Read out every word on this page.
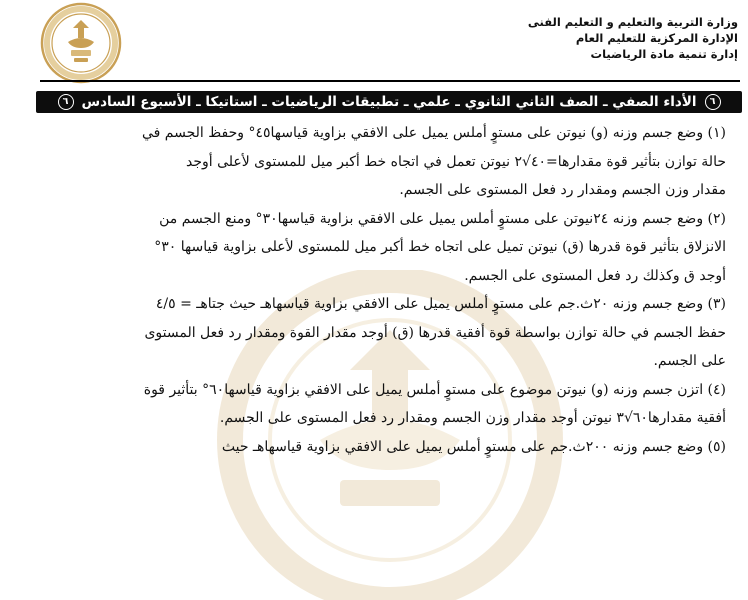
وزارة التربية والتعليم و التعليم الفنى
الإدارة المركزية للتعليم العام
إدارة تنمية مادة الرياضيات
٦
الأداء الصفي ـ الصف الثاني الثانوي ـ علمي ـ تطبيقات الرياضيات ـ استاتيكا ـ الأسبوع السادس
٦

(١) وضع جسم وزنه (و) نيوتن على مستوٍ أملس يميل على الافقي بزاوية قياسها٤٥° وحفظ الجسم في

حالة توازن بتأثير قوة مقدارها=٤٠√٢ نيوتن تعمل في اتجاه خط أكبر ميل للمستوى لأعلى أوجد

مقدار وزن الجسم ومقدار رد فعل المستوى على الجسم.

(٢) وضع جسم وزنه ٢٤نيوتن على مستوٍ أملس يميل على الافقي بزاوية قياسها٣٠° ومنع الجسم من

الانزلاق بتأثير قوة قدرها (ق) نيوتن تميل على اتجاه خط أكبر ميل للمستوى لأعلى بزاوية قياسها ٣٠°

أوجد ق وكذلك رد فعل المستوى على الجسم.

(٣) وضع جسم وزنه ٢٠ث.جم على مستوٍ أملس يميل على الافقي بزاوية قياسهاهـ حيث جتاهـ = ٤/٥

حفظ الجسم في حالة توازن بواسطة قوة أفقية قدرها (ق) أوجد مقدار القوة ومقدار رد فعل المستوى

على الجسم.

(٤) اتزن جسم وزنه (و) نيوتن موضوع على مستوٍ أملس يميل على الافقي بزاوية قياسها٦٠° بتأثير قوة

أفقية مقدارها٦٠√٣ نيوتن أوجد مقدار وزن الجسم ومقدار رد فعل المستوى على الجسم.

(٥) وضع جسم وزنه ٢٠٠ث.جم على مستوٍ أملس يميل على الافقي بزاوية قياسهاهـ حيث
